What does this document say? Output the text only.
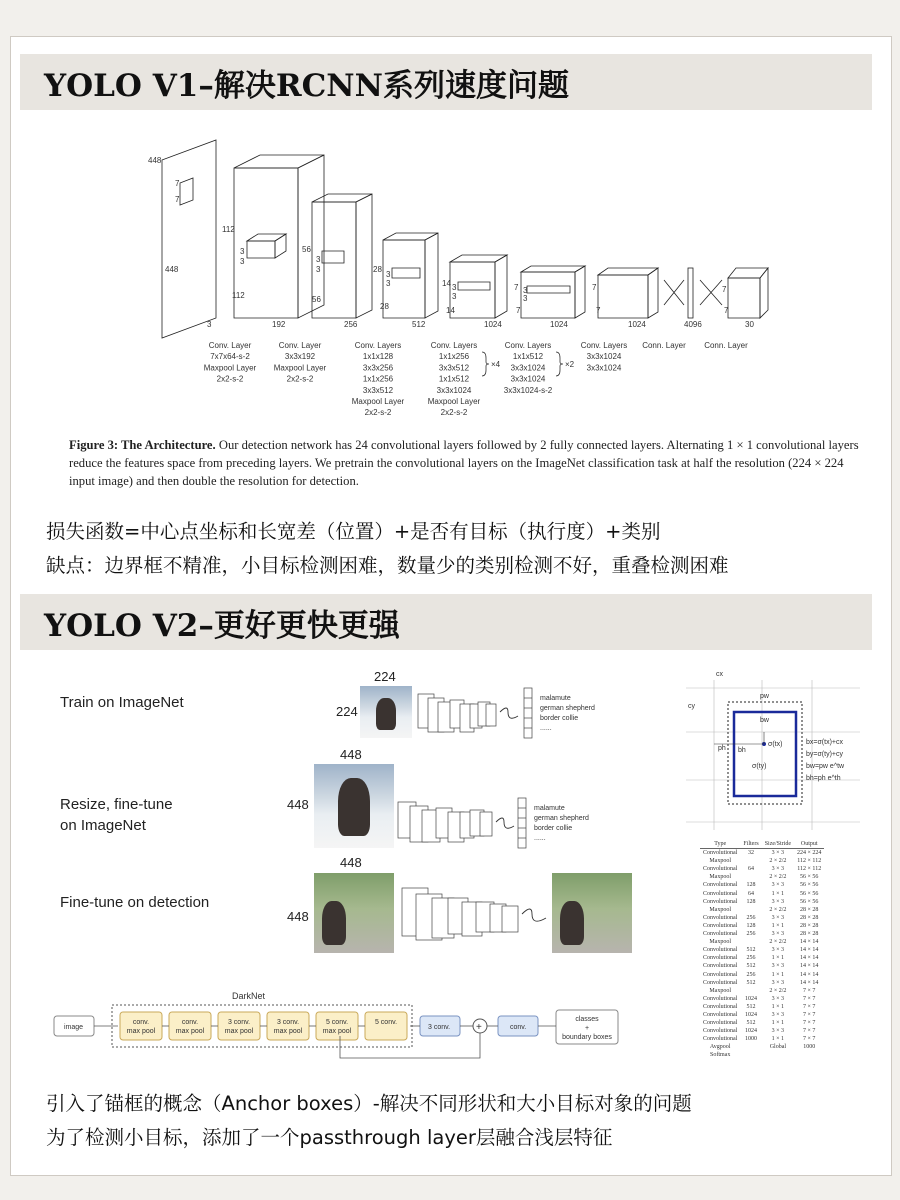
YOLO V1–解决RCNN系列速度问题
448
448
7
7
3
112
112
192
3
3
56
56
256
3
3	28
28
512
3
3	14
14
1024
3
3
7
7
1024
3
3
7
7
1024	4096
7
7
30
Conv. Layer
7x7x64-s-2
Maxpool Layer
2x2-s-2
Conv. Layer
3x3x192
Maxpool Layer
2x2-s-2
Conv. Layers
1x1x128
3x3x256
1x1x256
3x3x512
Maxpool Layer
2x2-s-2
Conv. Layers
1x1x256
3x3x512
1x1x512
3x3x1024
Maxpool Layer
2x2-s-2
×4
Conv. Layers
1x1x512
3x3x1024
3x3x1024
3x3x1024-s-2
×2
Conv. Layers
3x3x1024
3x3x1024
Conn. Layer Conn. Layer
Figure 3: The Architecture. Our detection network has 24 convolutional layers followed by 2 fully connected layers. Alternating 1 × 1 convolutional layers reduce the features space from preceding layers. We pretrain the convolutional layers on the ImageNet classification task at half the resolution (224 × 224 input image) and then double the resolution for detection.
损失函数=中心点坐标和长宽差（位置）+是否有目标（执行度）+类别
缺点：边界框不精准，小目标检测困难，数量少的类别检测不好，重叠检测困难
YOLO V2–更好更快更强
Train on ImageNet
Resize, fine-tune
on ImageNet
Fine-tune on detection
224
224
448
448
448
448
malamute
german shepherd
border collie
......
malamute
german shepherd
border collie
......
cx
cy
pw
ph
bw
bh
σ(tx)
σ(ty)
bx=σ(tx)+cx
by=σ(ty)+cy
bw=pw e^tw
bh=ph e^th
DarkNet
image
conv.
max pool
conv.
max pool
3 conv.
max pool
3 conv.
max pool
5 conv.
max pool
5 conv.
3 conv.	+	conv.
classes + boundary boxes
Type	Filters	Size/Stride	Output
Convolutional	32	3 × 3	224 × 224
Maxpool		2 × 2/2	112 × 112
Convolutional	64	3 × 3	112 × 112
Maxpool		2 × 2/2	56 × 56
Convolutional	128	3 × 3	56 × 56
Convolutional	64	1 × 1	56 × 56
Convolutional	128	3 × 3	56 × 56
Maxpool		2 × 2/2	28 × 28
Convolutional	256	3 × 3	28 × 28
Convolutional	128	1 × 1	28 × 28
Convolutional	256	3 × 3	28 × 28
Maxpool		2 × 2/2	14 × 14
Convolutional	512	3 × 3	14 × 14
Convolutional	256	1 × 1	14 × 14
Convolutional	512	3 × 3	14 × 14
Convolutional	256	1 × 1	14 × 14
Convolutional	512	3 × 3	14 × 14
Maxpool		2 × 2/2	7 × 7
Convolutional	1024	3 × 3	7 × 7
Convolutional	512	1 × 1	7 × 7
Convolutional	1024	3 × 3	7 × 7
Convolutional	512	1 × 1	7 × 7
Convolutional	1024	3 × 3	7 × 7
Convolutional	1000	1 × 1	7 × 7
Avgpool		Global	1000
Softmax			
引入了锚框的概念（Anchor boxes）-解决不同形状和大小目标对象的问题
为了检测小目标，添加了一个passthrough layer层融合浅层特征
